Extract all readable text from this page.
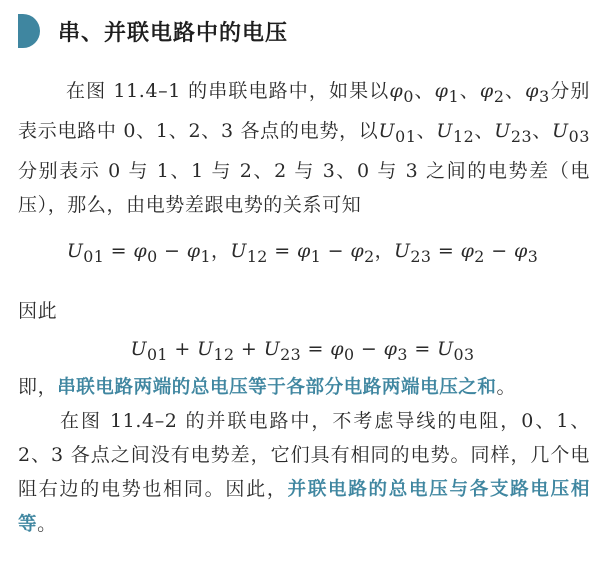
串、并联电路中的电压
在图 11.4–1 的串联电路中，如果以$\varphi_0$、$\varphi_1$、$\varphi_2$、$\varphi_3$分别表示电路中 0、1、2、3 各点的电势，以$U_{01}$、$U_{12}$、$U_{23}$、$U_{03}$分别表示 0 与 1、1 与 2、2 与 3、0 与 3 之间的电势差（电压），那么，由电势差跟电势的关系可知
$U_{01} = \varphi_0 - \varphi_1$，$U_{12} = \varphi_1 - \varphi_2$，$U_{23} = \varphi_2 - \varphi_3$
因此
$U_{01} + U_{12} + U_{23} = \varphi_0 - \varphi_3 = U_{03}$
即，串联电路两端的总电压等于各部分电路两端电压之和。
在图 11.4–2 的并联电路中，不考虑导线的电阻，0、1、2、3 各点之间没有电势差，它们具有相同的电势。同样，几个电阻右边的电势也相同。因此，并联电路的总电压与各支路电压相等。
